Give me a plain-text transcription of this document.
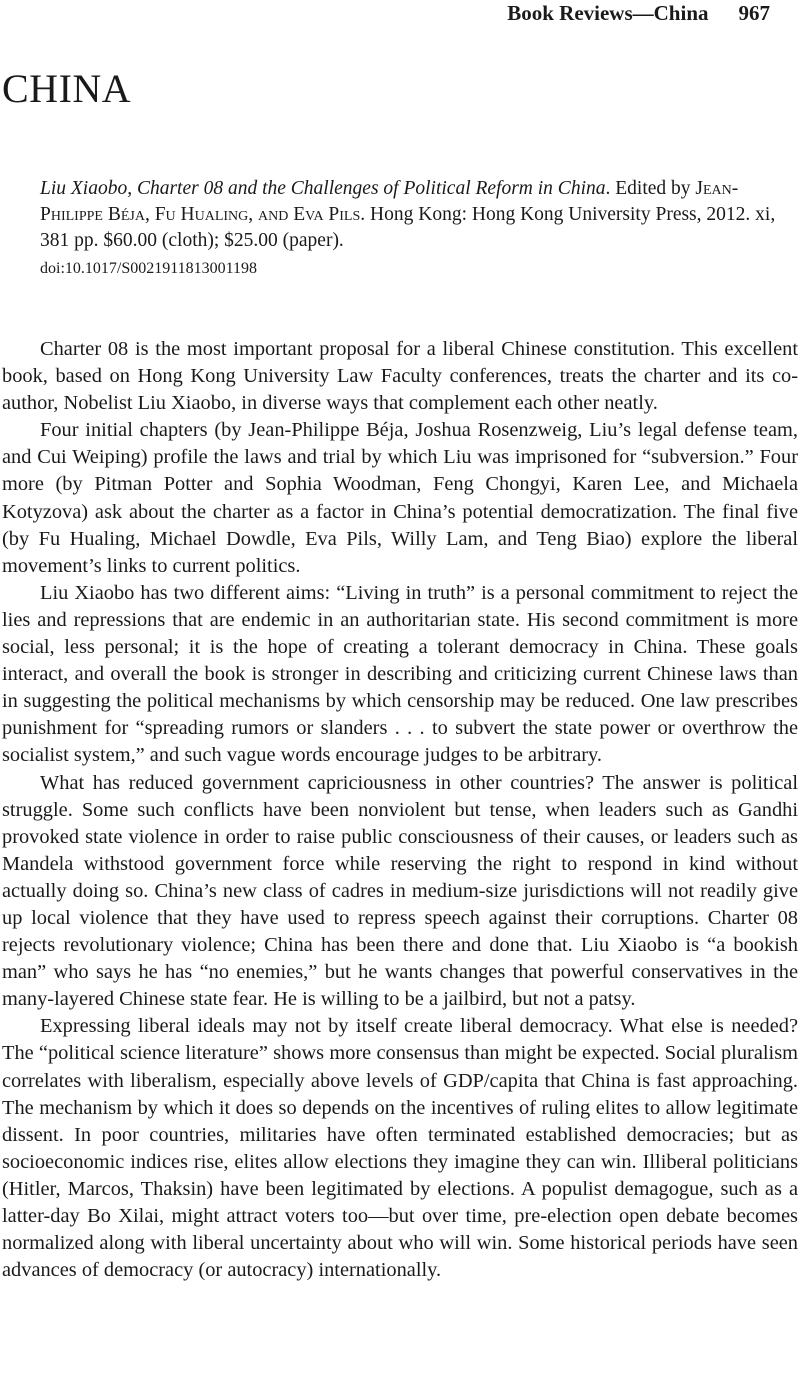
Book Reviews—China 967
CHINA

Liu Xiaobo, Charter 08 and the Challenges of Political Reform in China. Edited by Jean-Philippe Béja, Fu Hualing, and Eva Pils. Hong Kong: Hong Kong University Press, 2012. xi, 381 pp. $60.00 (cloth); $25.00 (paper).

doi:10.1017/S0021911813001198

Charter 08 is the most important proposal for a liberal Chinese constitution. This excellent book, based on Hong Kong University Law Faculty conferences, treats the charter and its co-author, Nobelist Liu Xiaobo, in diverse ways that complement each other neatly.

Four initial chapters (by Jean-Philippe Béja, Joshua Rosenzweig, Liu’s legal defense team, and Cui Weiping) profile the laws and trial by which Liu was imprisoned for “subversion.” Four more (by Pitman Potter and Sophia Woodman, Feng Chongyi, Karen Lee, and Michaela Kotyzova) ask about the charter as a factor in China’s potential democratization. The final five (by Fu Hualing, Michael Dowdle, Eva Pils, Willy Lam, and Teng Biao) explore the liberal movement’s links to current politics.

Liu Xiaobo has two different aims: “Living in truth” is a personal commitment to reject the lies and repressions that are endemic in an authoritarian state. His second commitment is more social, less personal; it is the hope of creating a tolerant democracy in China. These goals interact, and overall the book is stronger in describing and criticizing current Chinese laws than in suggesting the political mechanisms by which censorship may be reduced. One law prescribes punishment for “spreading rumors or slanders . . . to subvert the state power or overthrow the socialist system,” and such vague words encourage judges to be arbitrary.

What has reduced government capriciousness in other countries? The answer is political struggle. Some such conflicts have been nonviolent but tense, when leaders such as Gandhi provoked state violence in order to raise public consciousness of their causes, or leaders such as Mandela withstood government force while reserving the right to respond in kind without actually doing so. China’s new class of cadres in medium-size jurisdictions will not readily give up local violence that they have used to repress speech against their corruptions. Charter 08 rejects revolutionary violence; China has been there and done that. Liu Xiaobo is “a bookish man” who says he has “no enemies,” but he wants changes that powerful conservatives in the many-layered Chinese state fear. He is willing to be a jailbird, but not a patsy.

Expressing liberal ideals may not by itself create liberal democracy. What else is needed? The “political science literature” shows more consensus than might be expected. Social pluralism correlates with liberalism, especially above levels of GDP/capita that China is fast approaching. The mechanism by which it does so depends on the incentives of ruling elites to allow legitimate dissent. In poor countries, militaries have often terminated established democracies; but as socioeconomic indices rise, elites allow elections they imagine they can win. Illiberal politicians (Hitler, Marcos, Thaksin) have been legitimated by elections. A populist demagogue, such as a latter-day Bo Xilai, might attract voters too—but over time, pre-election open debate becomes normalized along with liberal uncertainty about who will win. Some historical periods have seen advances of democracy (or autocracy) internationally.
